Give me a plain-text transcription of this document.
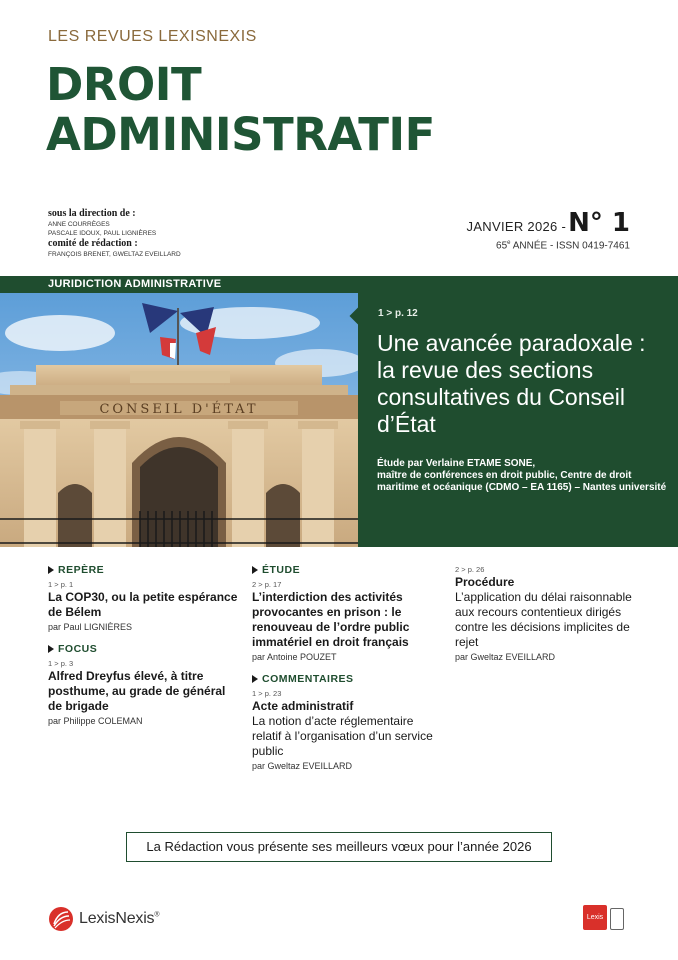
LES REVUES LEXISNEXIS
DROIT
ADMINISTRATIF
sous la direction de :
ANNE COURRÈGES
PASCALE IDOUX, PAUL LIGNIÈRES
comité de rédaction :
FRANÇOIS BRENET, GWELTAZ EVEILLARD
JANVIER 2026 - N° 1
65e ANNÉE - ISSN 0419-7461
JURIDICTION ADMINISTRATIVE
CONSEIL D'ÉTAT
1 > p. 12
Une avancée paradoxale : la revue des sections consultatives du Conseil d’État
Étude par Verlaine ETAME SONE,
maître de conférences en droit public, Centre de droit maritime et océanique (CDMO – EA 1165) – Nantes université
REPÈRE
1 > p. 1
La COP30, ou la petite espérance de Bélem
par Paul LIGNIÈRES
FOCUS
1 > p. 3
Alfred Dreyfus élevé, à titre posthume, au grade de général de brigade
par Philippe COLEMAN
ÉTUDE
2 > p. 17
L’interdiction des activités provocantes en prison : le renouveau de l’ordre public immatériel en droit français
par Antoine POUZET
COMMENTAIRES
1 > p. 23
Acte administratif
La notion d’acte réglementaire relatif à l’organisation d’un service public
par Gweltaz EVEILLARD
2 > p. 26
Procédure
L’application du délai raisonnable aux recours contentieux dirigés contre les décisions implicites de rejet
par Gweltaz EVEILLARD
La Rédaction vous présente ses meilleurs vœux pour l’année 2026
LexisNexis®	Lexis
